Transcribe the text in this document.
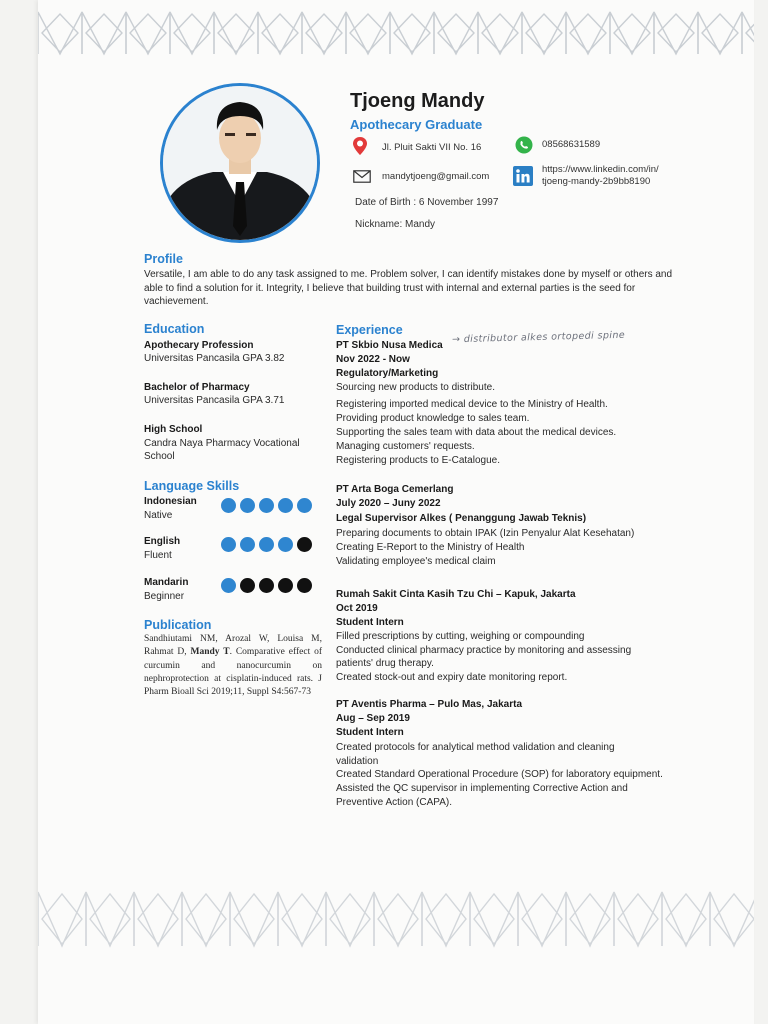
Tjoeng Mandy
Apothecary Graduate
Jl. Pluit Sakti VII No. 16	08568631589
mandytjoeng@gmail.com
https://www.linkedin.com/in/
tjoeng-mandy-2b9bb8190
Date of Birth : 6 November 1997
Nickname: Mandy
Profile
Versatile, I am able to do any task assigned to me. Problem solver, I can identify mistakes done by myself or others and able to find a solution for it. Integrity, I believe that building trust with internal and external parties is the seed for vachievement.
Education
Apothecary Profession
Universitas Pancasila GPA 3.82
Bachelor of Pharmacy
Universitas Pancasila GPA 3.71
High School
Candra Naya Pharmacy Vocational
School
Language Skills
Indonesian
Native
English
Fluent
Mandarin
Beginner
Publication
Sandhiutami NM, Arozal W, Louisa M, Rahmat D, Mandy T. Comparative effect of curcumin and nanocurcumin on nephroprotection at cisplatin-induced rats. J Pharm Bioall Sci 2019;11, Suppl S4:567-73
Experience	→ distributor alkes ortopedi spine
PT Skbio Nusa Medica
Nov 2022 - Now
Regulatory/Marketing
Sourcing new products to distribute.
Registering imported medical device to the Ministry of Health.
Providing product knowledge to sales team.
Supporting the sales team with data about the medical devices.
Managing customers' requests.
Registering products to E-Catalogue.
PT Arta Boga Cemerlang
July 2020 – Juny 2022
Legal Supervisor Alkes ( Penanggung Jawab Teknis)
Preparing documents to obtain IPAK (Izin Penyalur Alat Kesehatan)
Creating E-Report to the Ministry of Health
Validating employee's medical claim
Rumah Sakit Cinta Kasih Tzu Chi – Kapuk, Jakarta
Oct 2019
Student Intern
Filled prescriptions by cutting, weighing or compounding
Conducted clinical pharmacy practice by monitoring and assessing
patients' drug therapy.
Created stock-out and expiry date monitoring report.
PT Aventis Pharma – Pulo Mas, Jakarta
Aug – Sep 2019
Student Intern
Created protocols for analytical method validation and cleaning
validation
Created Standard Operational Procedure (SOP) for laboratory equipment.
Assisted the QC supervisor in implementing Corrective Action and
Preventive Action (CAPA).
